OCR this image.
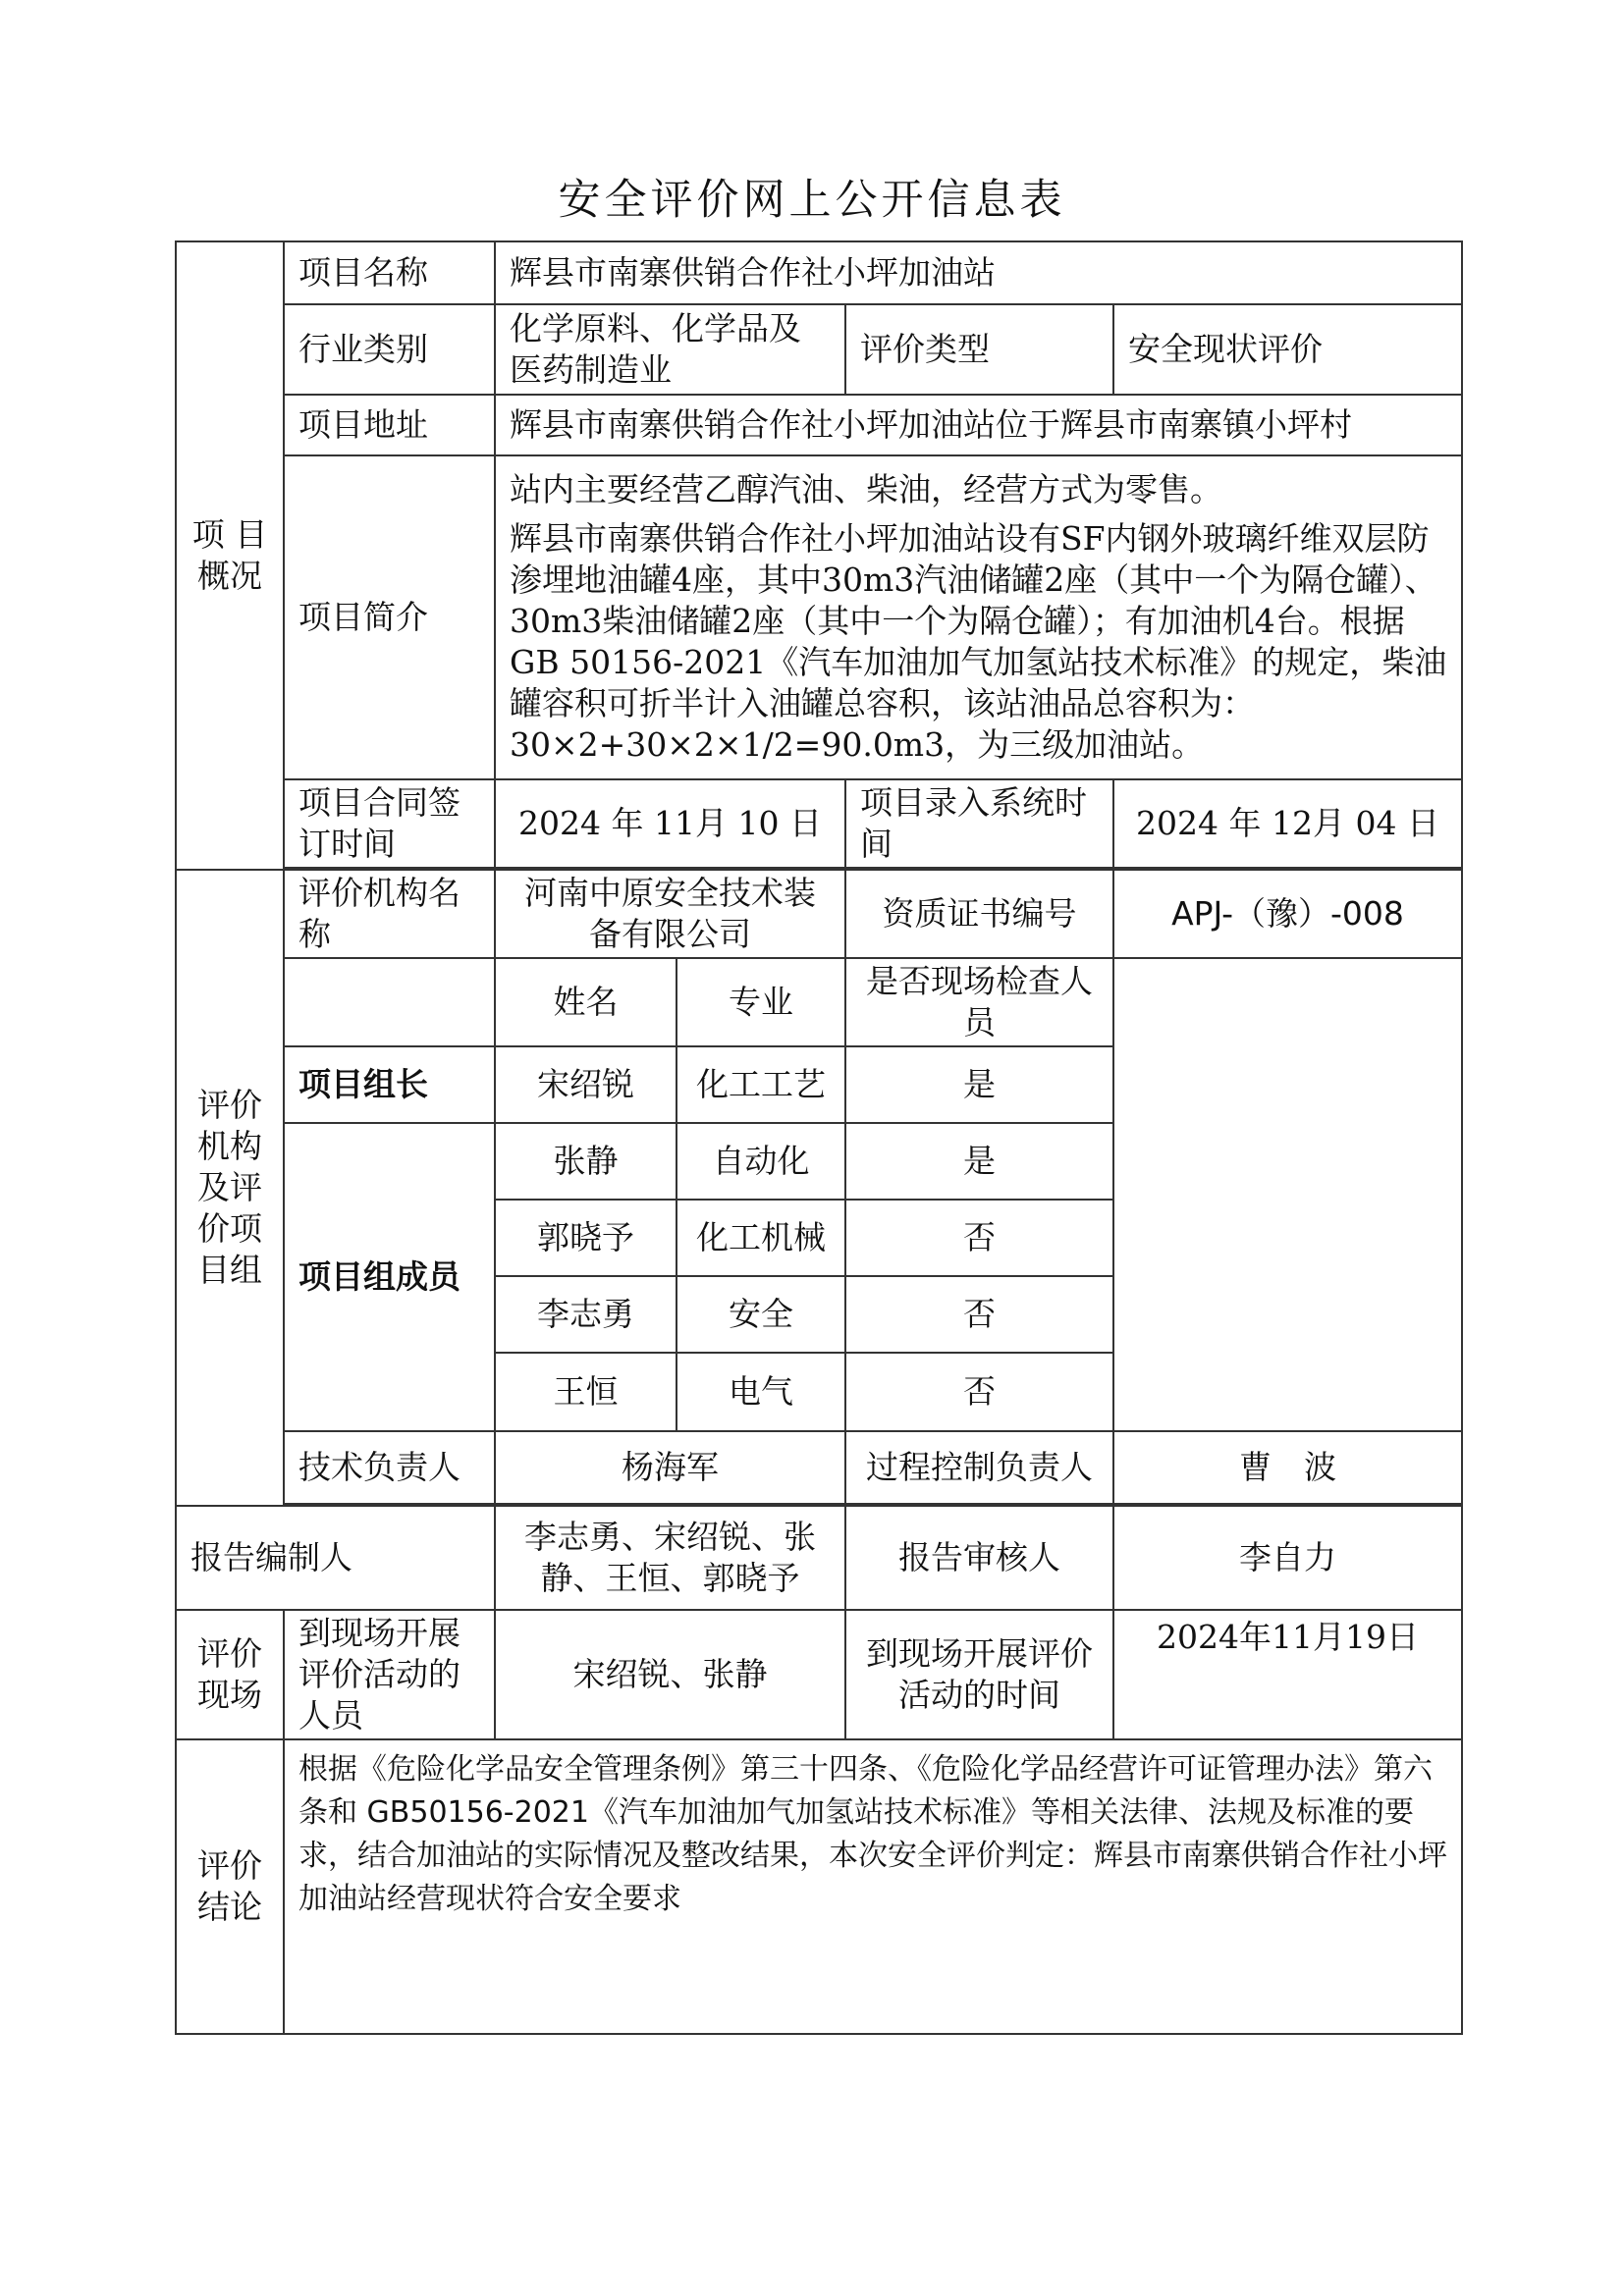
安全评价网上公开信息表
项 目
概况	项目名称	辉县市南寨供销合作社小坪加油站			
	行业类别	化学原料、化学品及医药制造业		评价类型	安全现状评价
	项目地址	辉县市南寨供销合作社小坪加油站位于辉县市南寨镇小坪村			
	项目简介	站内主要经营乙醇汽油、柴油，经营方式为零售。

辉县市南寨供销合作社小坪加油站设有SF内钢外玻璃纤维双层防渗埋地油罐4座，其中30m3汽油储罐2座（其中一个为隔仓罐）、30m3柴油储罐2座（其中一个为隔仓罐）；有加油机4台。根据GB 50156-2021《汽车加油加气加氢站技术标准》的规定，柴油罐容积可折半计入油罐总容积，该站油品总容积为：30×2+30×2×1/2=90.0m3，为三级加油站。			

	项目合同签订时间	2024 年 11月 10 日		项目录入系统时间	2024 年 12月 04 日

评价
机构
及评
价项
目组	评价机构名称	河南中原安全技术装备有限公司		资质证书编号	APJ-（豫）-008
		姓名	专业	是否现场检查人员	
	项目组长	宋绍锐	化工工艺	是	
	项目组成员	张静	自动化	是	
		郭晓予	化工机械	否	
		李志勇	安全	否	
		王恒	电气	否	
	技术负责人	杨海军		过程控制负责人	曹　波

报告编制人		李志勇、宋绍锐、张静、王恒、郭晓予		报告审核人	李自力
评价
现场	到现场开展评价活动的人员	宋绍锐、张静		到现场开展评价活动的时间	2024年11月19日
评价
结论	根据《危险化学品安全管理条例》第三十四条、《危险化学品经营许可证管理办法》第六条和 GB50156-2021《汽车加油加气加氢站技术标准》等相关法律、法规及标准的要求，结合加油站的实际情况及整改结果，本次安全评价判定：辉县市南寨供销合作社小坪加油站经营现状符合安全要求				
